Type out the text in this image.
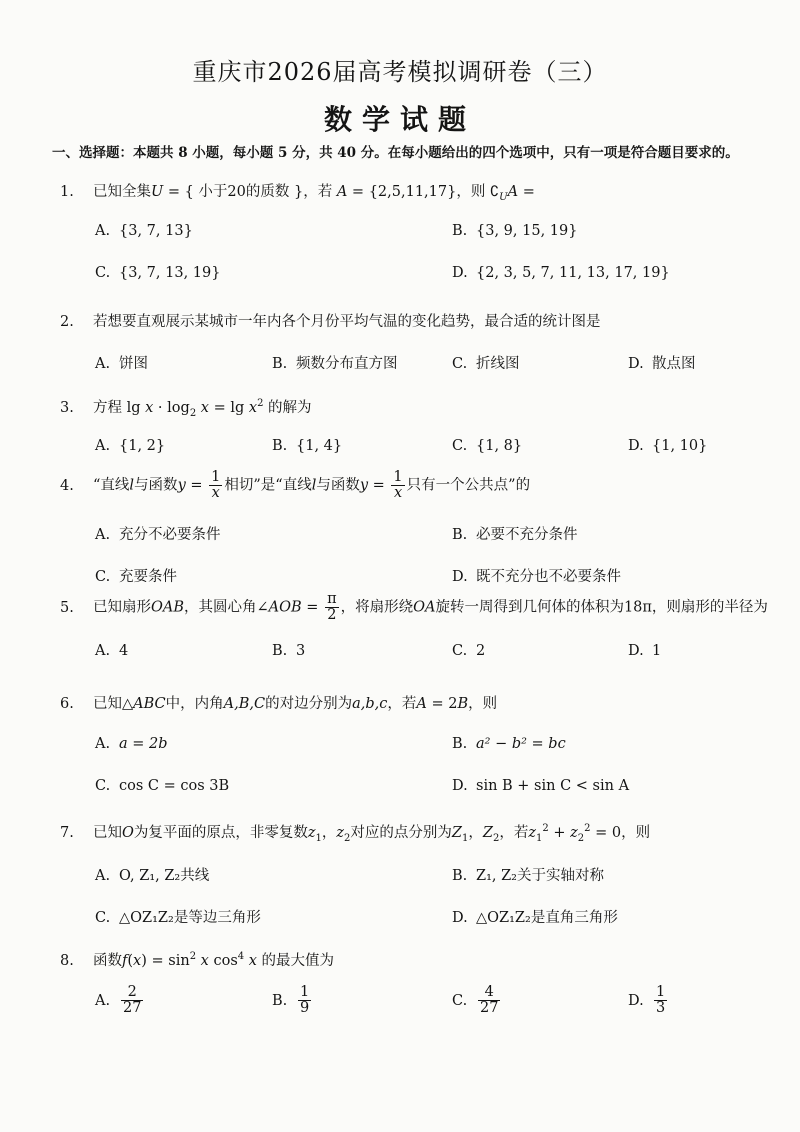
重庆市2026届高考模拟调研卷（三）
数学试题
一、选择题：本题共 8 小题，每小题 5 分，共 40 分。在每小题给出的四个选项中，只有一项是符合题目要求的。
1. 已知全集U = { 小于20的质数 }，若 A = {2,5,11,17}，则 $∁_UA$ =
A. {3, 7, 13}	B. {3, 9, 15, 19}
C. {3, 7, 13, 19}	D. {2, 3, 5, 7, 11, 13, 17, 19}
2. 若想要直观展示某城市一年内各个月份平均气温的变化趋势，最合适的统计图是
A. 饼图	B. 频数分布直方图	C. 折线图	D. 散点图
3. 方程 $\lg x \cdot \log_2 x = \lg x^2$ 的解为
A. {1, 2}	B. {1, 4}	C. {1, 8}	D. {1, 10}
4. “直线l与函数$y = \frac{1}{x}$ 相切”是“直线l与函数$y = \frac{1}{x}$ 只有一个公共点”的
A. 充分不必要条件	B. 必要不充分条件
C. 充要条件	D. 既不充分也不必要条件
5. 已知扇形OAB，其圆心角∠AOB = $\frac{\pi}{2}$ ，将扇形绕OA旋转一周得到几何体的体积为18π，则扇形的半径为
A. 4	B. 3	C. 2	D. 1
6. 已知△ABC中，内角A,B,C的对边分别为a,b,c，若A = 2B，则
A. a = 2b	B. a² − b² = bc
C. cos C = cos 3B	D. sin B + sin C < sin A
7. 已知O为复平面的原点，非零复数$z_1$，$z_2$对应的点分别为$Z_1$，$Z_2$，若$z_1^2 + z_2^2 = 0$，则
A. O, Z₁, Z₂共线	B. Z₁, Z₂关于实轴对称
C. △OZ₁Z₂是等边三角形	D. △OZ₁Z₂是直角三角形
8. 函数$f(x) = \sin^2 x$ $\cos^4 x$ 的最大值为
A. $\frac{2}{27}$	B. $\frac{1}{9}$	C. $\frac{4}{27}$	D. $\frac{1}{3}$
